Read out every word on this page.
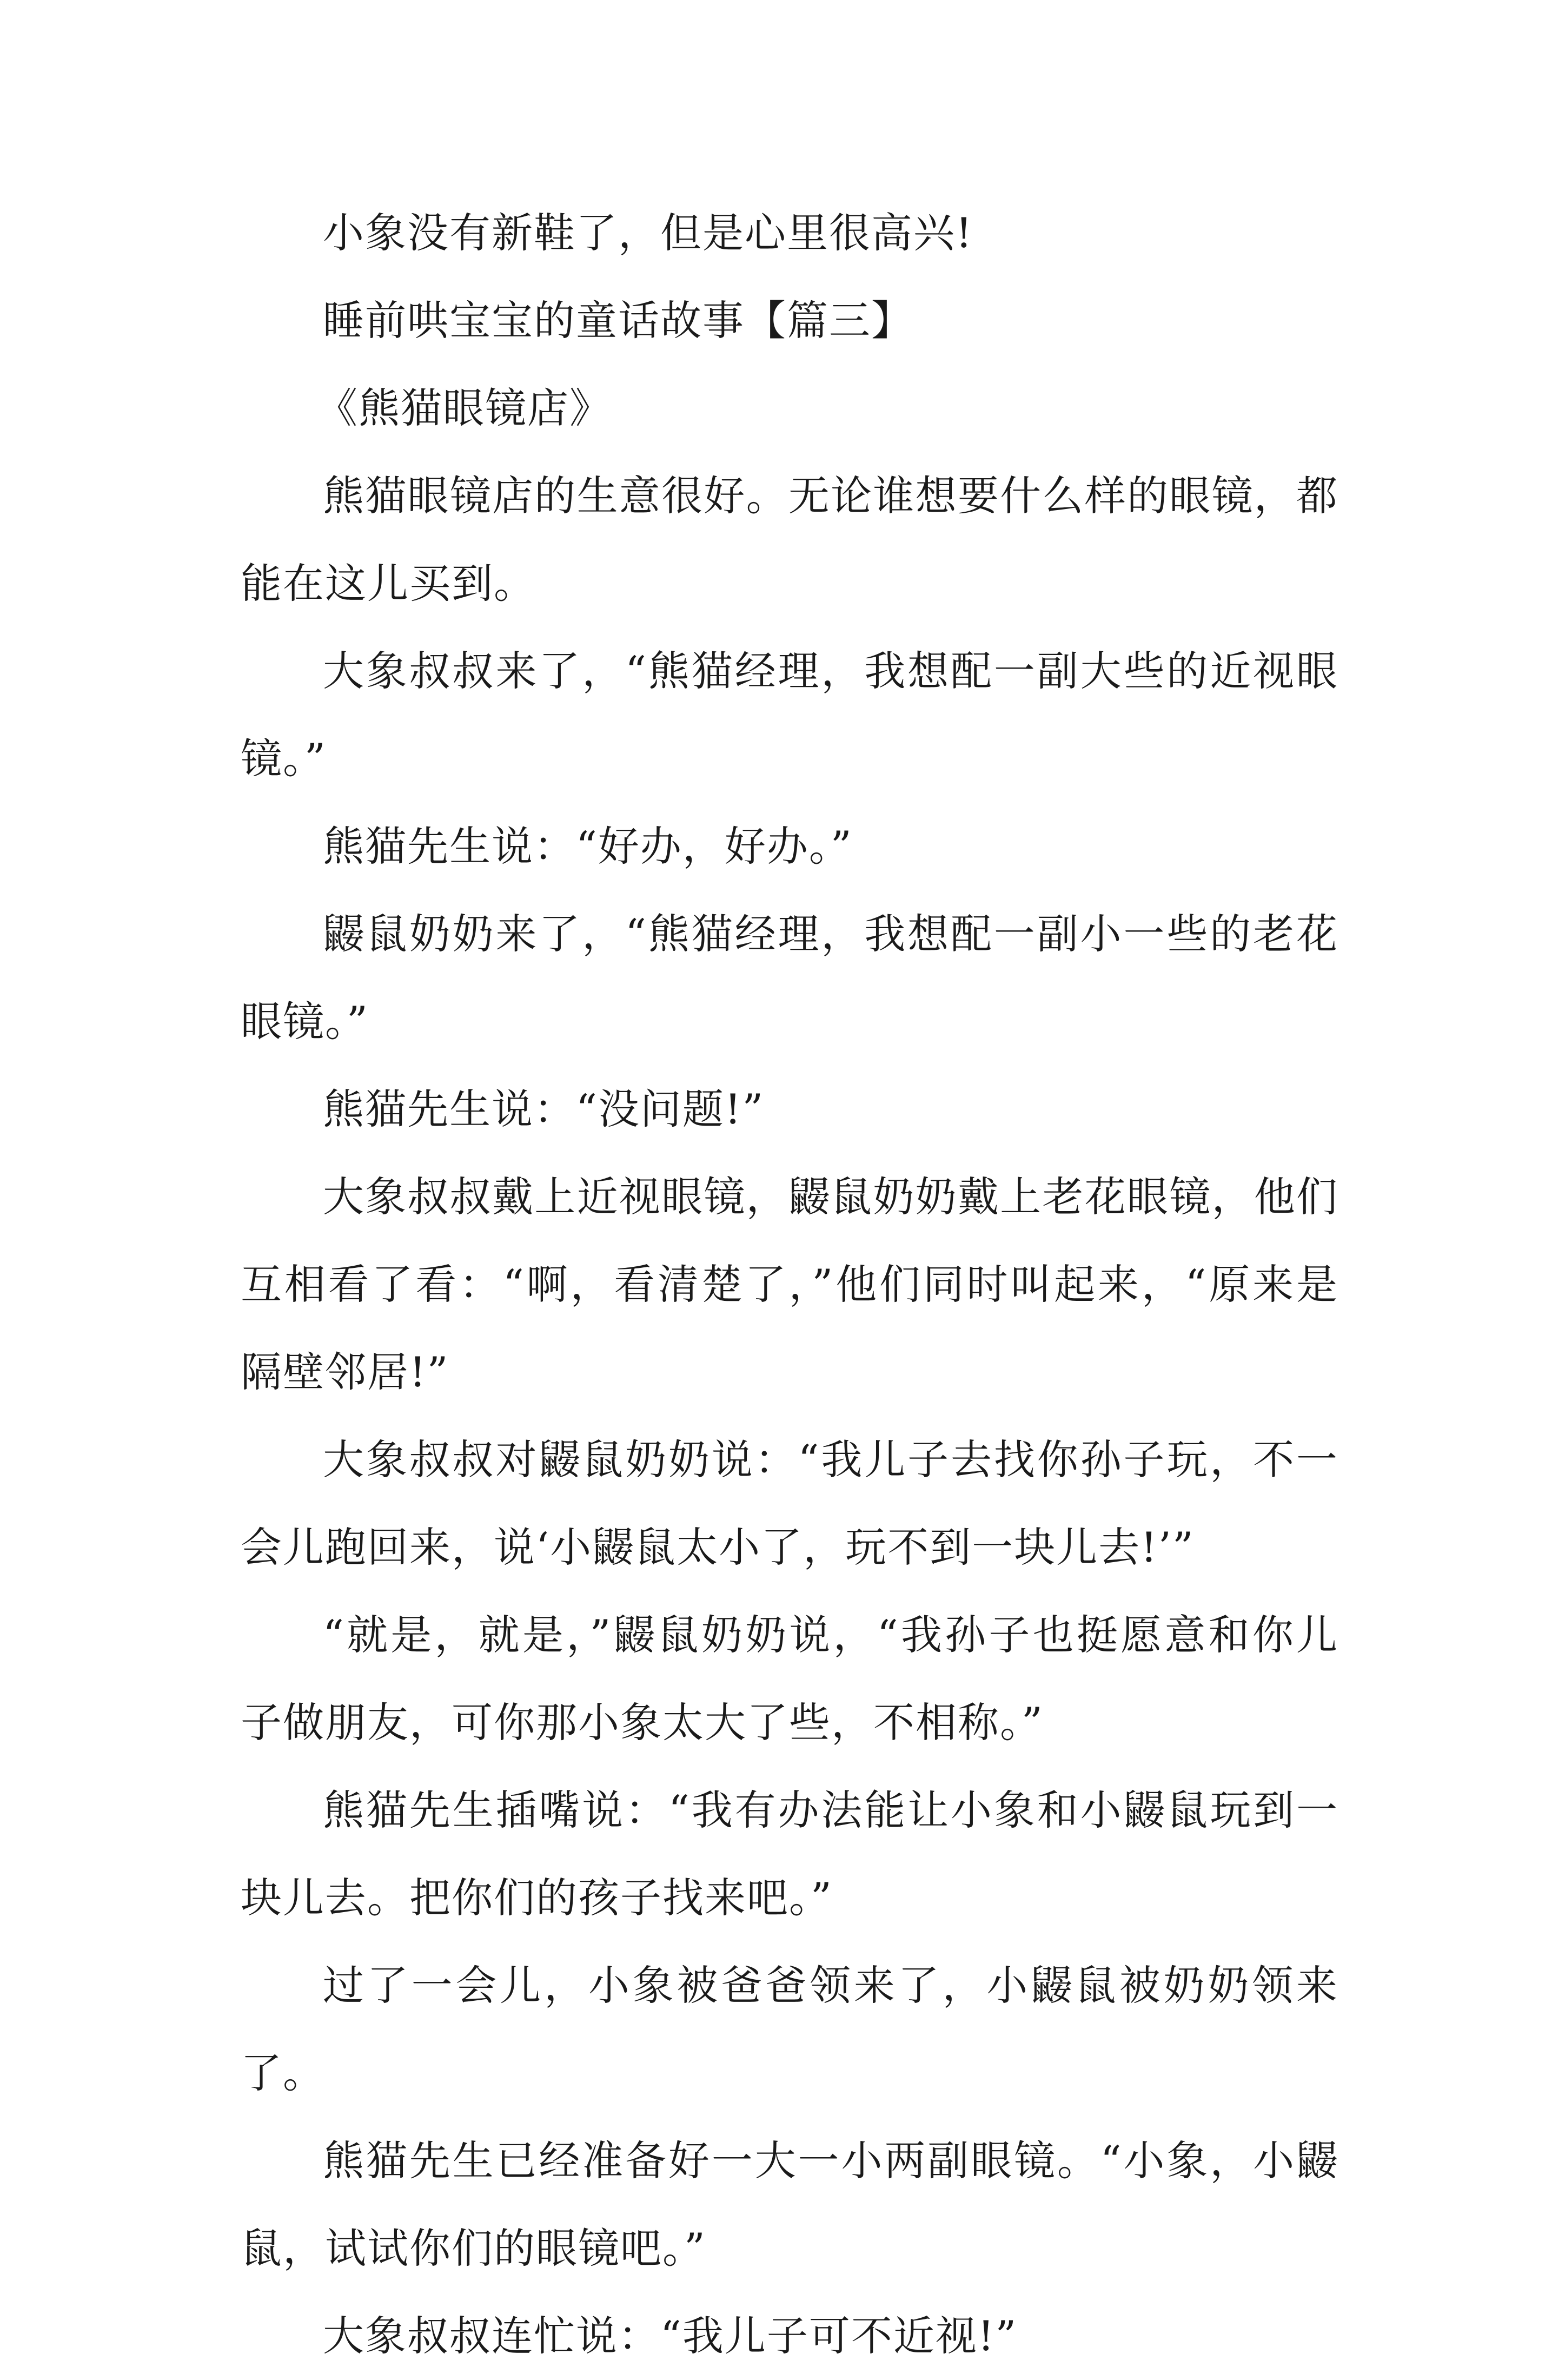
小象没有新鞋了，但是心里很高兴!

睡前哄宝宝的童话故事【篇三】

《熊猫眼镜店》

熊猫眼镜店的生意很好。无论谁想要什么样的眼镜，都能在这儿买到。

大象叔叔来了，“熊猫经理，我想配一副大些的近视眼镜。”

熊猫先生说：“好办，好办。”

鼹鼠奶奶来了，“熊猫经理，我想配一副小一些的老花眼镜。”

熊猫先生说：“没问题!”

大象叔叔戴上近视眼镜，鼹鼠奶奶戴上老花眼镜，他们互相看了看：“啊，看清楚了，”他们同时叫起来，“原来是隔壁邻居!”

大象叔叔对鼹鼠奶奶说：“我儿子去找你孙子玩，不一会儿跑回来，说‘小鼹鼠太小了，玩不到一块儿去!’”

“就是，就是，”鼹鼠奶奶说，“我孙子也挺愿意和你儿子做朋友，可你那小象太大了些，不相称。”

熊猫先生插嘴说：“我有办法能让小象和小鼹鼠玩到一块儿去。把你们的孩子找来吧。”

过了一会儿，小象被爸爸领来了，小鼹鼠被奶奶领来了。

熊猫先生已经准备好一大一小两副眼镜。“小象，小鼹鼠，试试你们的眼镜吧。”

大象叔叔连忙说：“我儿子可不近视!”
